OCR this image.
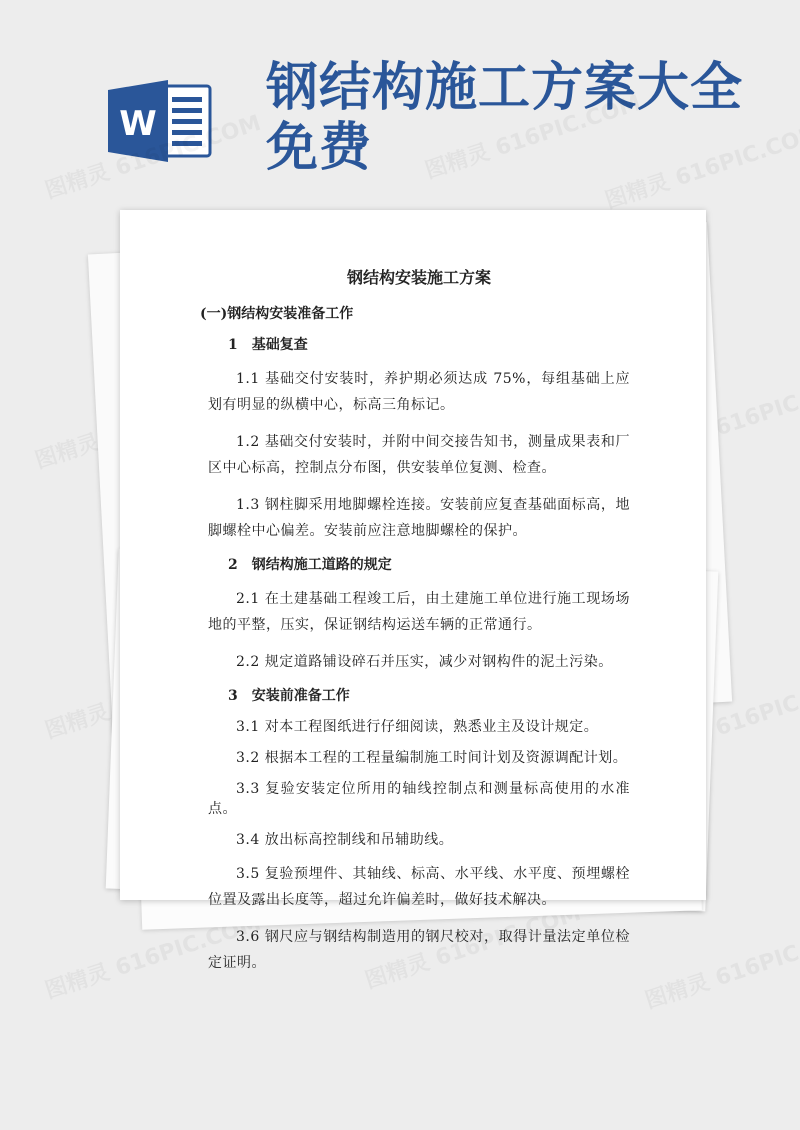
W
钢结构施工方案大全免费

钢结构安装施工方案

(一)钢结构安装准备工作

1　基础复查

1.1 基础交付安装时，养护期必须达成 75%，每组基础上应划有明显的纵横中心，标高三角标记。

1.2 基础交付安装时，并附中间交接告知书，测量成果表和厂区中心标高，控制点分布图，供安装单位复测、检查。

1.3 钢柱脚采用地脚螺栓连接。安装前应复查基础面标高，地脚螺栓中心偏差。安装前应注意地脚螺栓的保护。

2　钢结构施工道路的规定

2.1 在土建基础工程竣工后，由土建施工单位进行施工现场场地的平整，压实，保证钢结构运送车辆的正常通行。

2.2 规定道路铺设碎石并压实，减少对钢构件的泥土污染。

3　安装前准备工作

3.1 对本工程图纸进行仔细阅读，熟悉业主及设计规定。

3.2 根据本工程的工程量编制施工时间计划及资源调配计划。

3.3 复验安装定位所用的轴线控制点和测量标高使用的水准点。

3.4 放出标高控制线和吊辅助线。

3.5 复验预埋件、其轴线、标高、水平线、水平度、预埋螺栓位置及露出长度等，超过允许偏差时，做好技术解决。

3.6 钢尺应与钢结构制造用的钢尺校对，取得计量法定单位检定证明。
